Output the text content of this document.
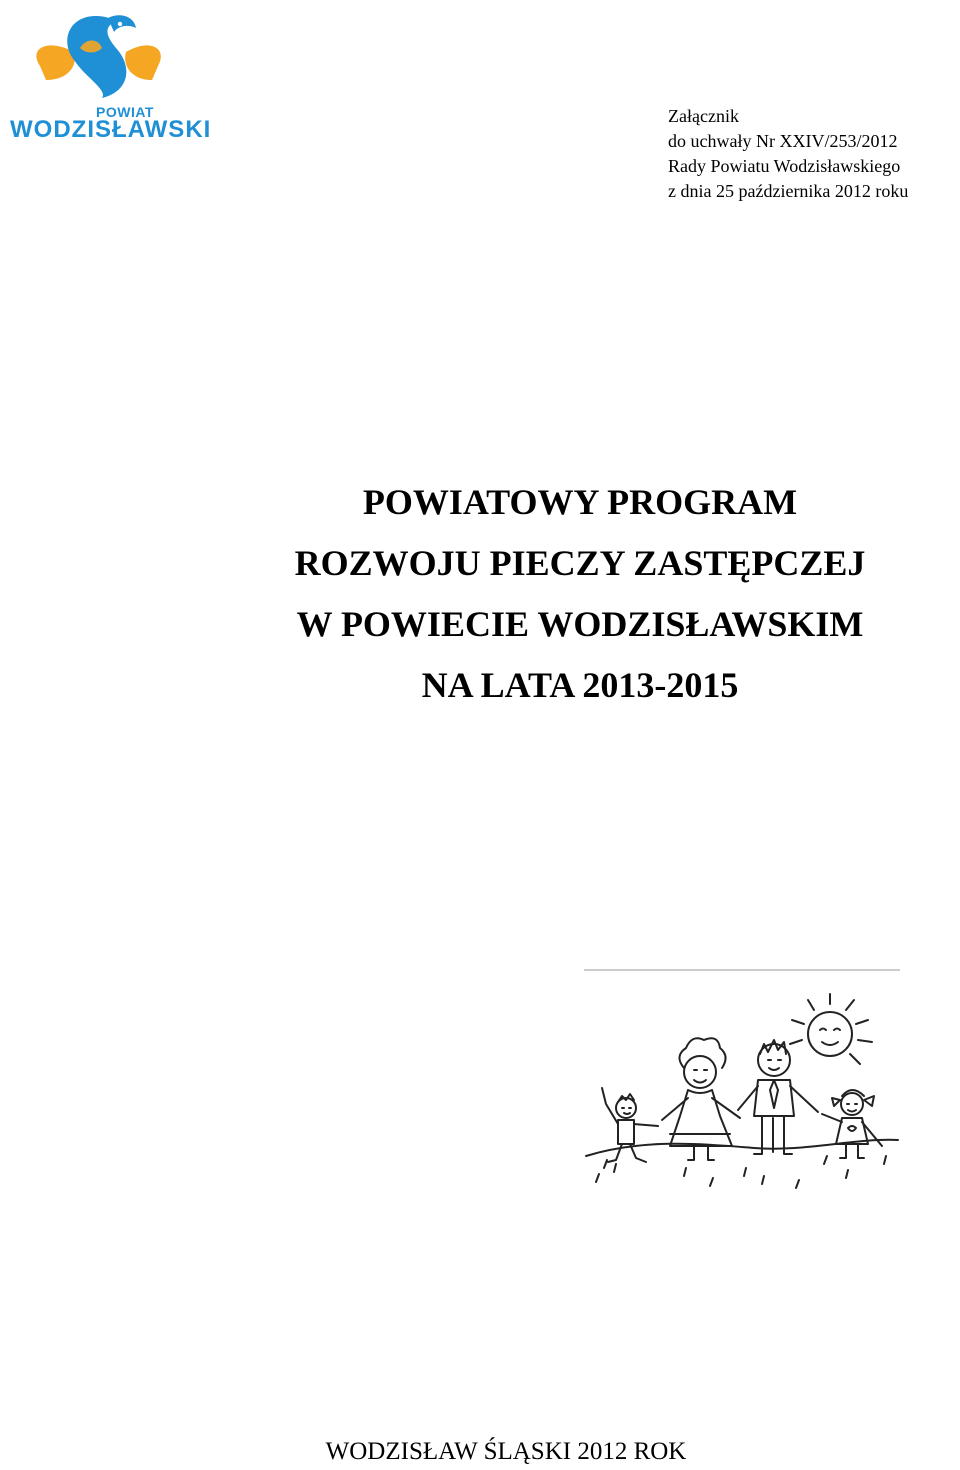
POWIAT
WODZISŁAWSKI	Załącznik
do uchwały Nr XXIV/253/2012
Rady Powiatu Wodzisławskiego
z dnia 25 października 2012 roku
POWIATOWY PROGRAM
ROZWOJU PIECZY ZASTĘPCZEJ
W POWIECIE WODZISŁAWSKIM
NA LATA 2013-2015
WODZISŁAW ŚLĄSKI 2012 ROK
